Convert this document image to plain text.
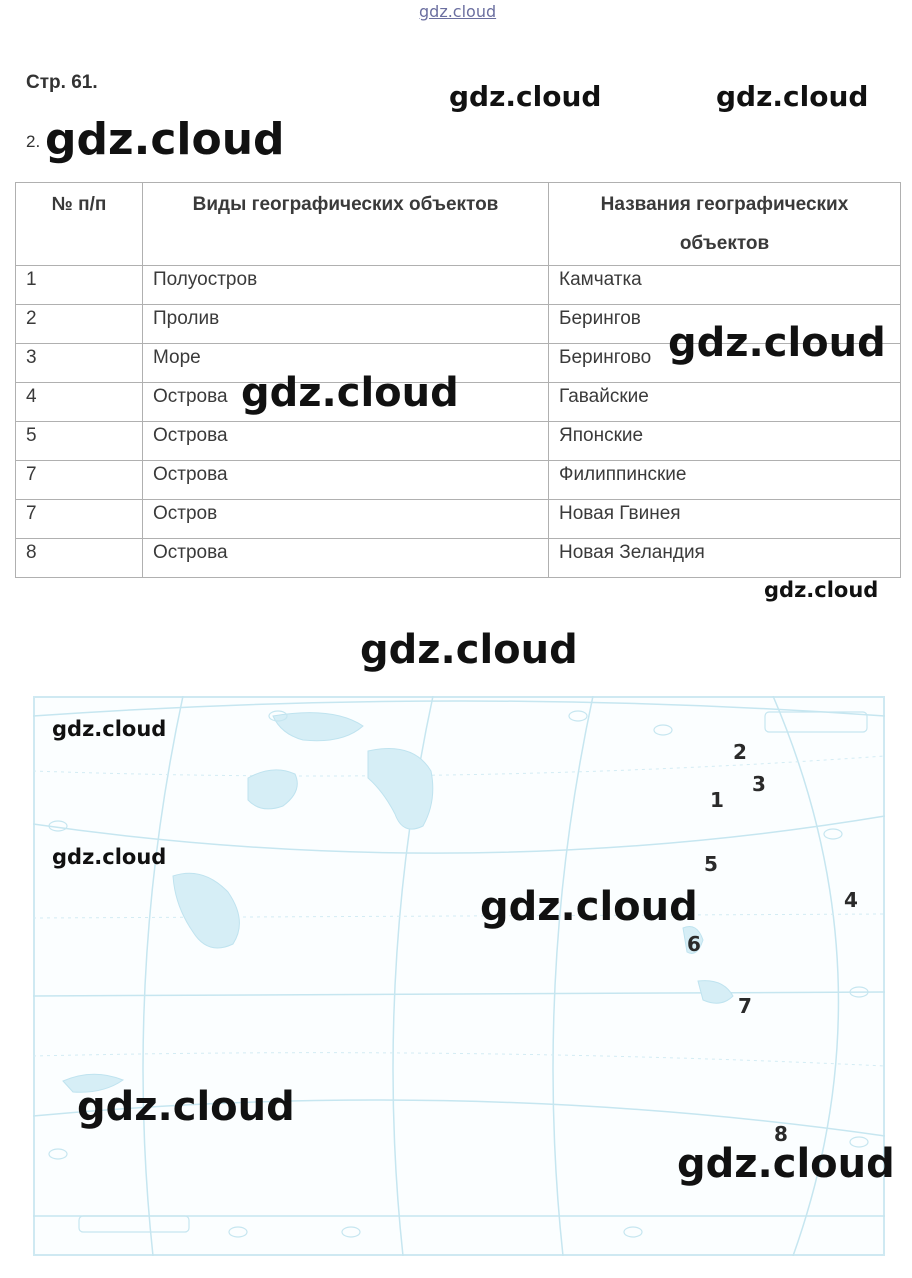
gdz.cloud
Стр. 61.	gdz.cloud	gdz.cloud
2. gdz.cloud
№ п/п	Виды географических объектов	Названия географических объектов
1	Полуостров	Камчатка
2	Пролив	Берингов
3	Море	Берингово
4	Острова	Гавайские
5	Острова	Японские
7	Острова	Филиппинские
7	Остров	Новая Гвинея
8	Острова	Новая Зеландия
gdz.cloud
gdz.cloud
gdz.cloud
gdz.cloud
2
3
1
5
4
6
7
8
gdz.cloud
gdz.cloud
gdz.cloud
gdz.cloud
gdz.cloud
